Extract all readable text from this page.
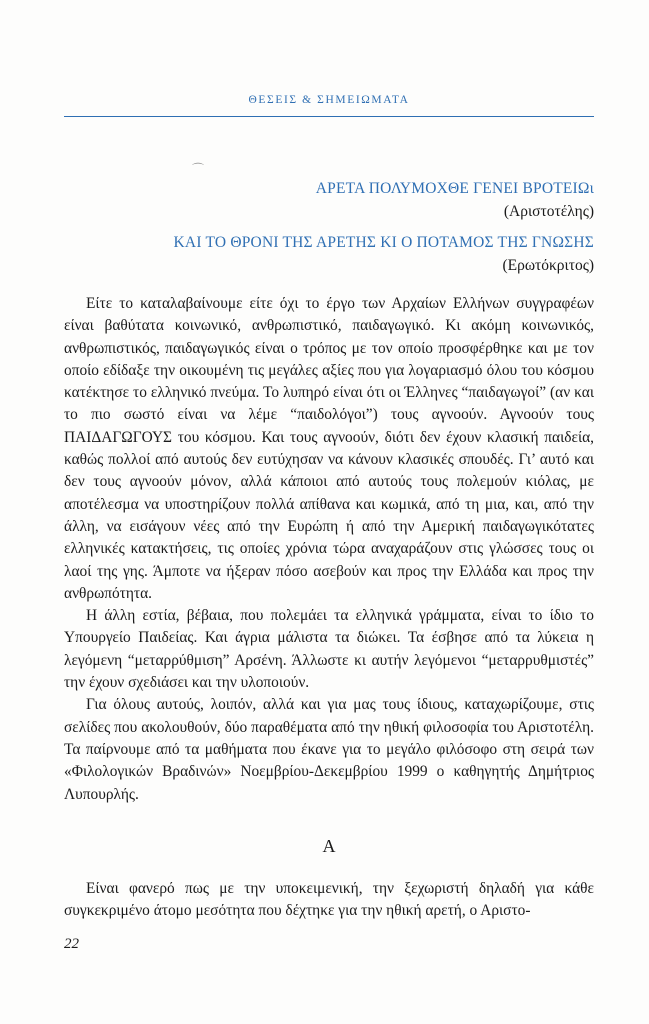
ΘΕΣΕΙΣ & ΣΗΜΕΙΩΜΑΤΑ
⌒
ΑΡΕΤΑ ΠΟΛΥΜΟΧΘΕ ΓΕΝΕΙ ΒΡΟΤΕΙΩι
(Αριστοτέλης)
ΚΑΙ ΤΟ ΘΡΟΝΙ ΤΗΣ ΑΡΕΤΗΣ ΚΙ Ο ΠΟΤΑΜΟΣ ΤΗΣ ΓΝΩΣΗΣ
(Ερωτόκριτος)

Είτε το καταλαβαίνουμε είτε όχι το έργο των Αρχαίων Ελλήνων συγγραφέων είναι βαθύτατα κοινωνικό, ανθρωπιστικό, παιδαγωγικό. Κι ακόμη κοινωνικός, ανθρωπιστικός, παιδαγωγικός είναι ο τρόπος με τον οποίο προσφέρθηκε και με τον οποίο εδίδαξε την οικουμένη τις μεγάλες αξίες που για λογαριασμό όλου του κόσμου κατέκτησε το ελληνικό πνεύμα. Το λυπηρό είναι ότι οι Έλληνες “παιδαγωγοί” (αν και το πιο σωστό είναι να λέμε “παιδολόγοι”) τους αγνοούν. Αγνοούν τους ΠΑΙΔΑΓΩΓΟΥΣ του κόσμου. Και τους αγνοούν, διότι δεν έχουν κλασική παιδεία, καθώς πολλοί από αυτούς δεν ευτύχησαν να κάνουν κλασικές σπουδές. Γι’ αυτό και δεν τους αγνοούν μόνον, αλλά κάποιοι από αυτούς τους πολεμούν κιόλας, με αποτέλεσμα να υποστηρίζουν πολλά απίθανα και κωμικά, από τη μια, και, από την άλλη, να εισάγουν νέες από την Ευρώπη ή από την Αμερική παιδαγωγικότατες ελληνικές κατακτήσεις, τις οποίες χρόνια τώρα αναχαράζουν στις γλώσσες τους οι λαοί της γης. Άμποτε να ήξεραν πόσο ασεβούν και προς την Ελλάδα και προς την ανθρωπότητα.

Η άλλη εστία, βέβαια, που πολεμάει τα ελληνικά γράμματα, είναι το ίδιο το Υπουργείο Παιδείας. Και άγρια μάλιστα τα διώκει. Τα έσβησε από τα λύκεια η λεγόμενη “μεταρρύθμιση” Αρσένη. Άλλωστε κι αυτήν λεγόμενοι “μεταρρυθμιστές” την έχουν σχεδιάσει και την υλοποιούν.

Για όλους αυτούς, λοιπόν, αλλά και για μας τους ίδιους, καταχωρίζουμε, στις σελίδες που ακολουθούν, δύο παραθέματα από την ηθική φιλοσοφία του Αριστοτέλη. Τα παίρνουμε από τα μαθήματα που έκανε για το μεγάλο φιλόσοφο στη σειρά των «Φιλολογικών Βραδινών» Νοεμβρίου-Δεκεμβρίου 1999 ο καθηγητής Δημήτριος Λυπουρλής.

Α

Είναι φανερό πως με την υποκειμενική, την ξεχωριστή δηλαδή για κάθε συγκεκριμένο άτομο μεσότητα που δέχτηκε για την ηθική αρετή, ο Αριστο-

22
